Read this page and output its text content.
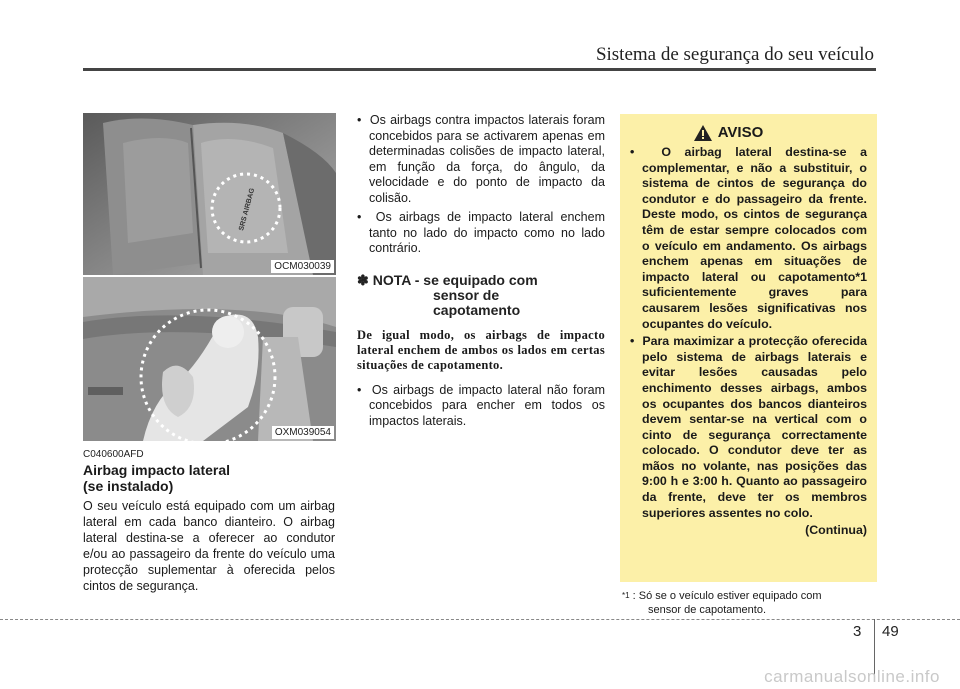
Sistema de segurança do seu veículo
SRS AIRBAG
OCM030039
OXM039054
C040600AFD
Airbag impacto lateral
(se instalado)
O seu veículo está equipado com um airbag lateral em cada banco dianteiro. O airbag lateral destina-se a oferecer ao condutor e/ou ao passageiro da frente do veículo uma protecção suplementar à oferecida pelos cintos de segurança.

•  Os airbags contra impactos laterais foram concebidos para se activarem apenas em determinadas colisões de impacto lateral, em função da força, do ângulo, da velocidade e do ponto de impacto da colisão.

•  Os airbags de impacto lateral enchem tanto no lado do impacto como no lado contrário.

✽ NOTA - se equipado com
sensor de
capotamento
De igual modo, os airbags de impacto lateral enchem de ambos os lados em certas situações de capotamento.

•  Os airbags de impacto lateral não foram concebidos para encher em todos os impactos laterais.

AVISO
•  O airbag lateral destina-se a complementar, e não a substituir, o sistema de cintos de segurança do condutor e do passageiro da frente. Deste modo, os cintos de segurança têm de estar sempre colocados com o veículo em andamento. Os airbags enchem apenas em situações de impacto lateral ou capotamento*1 suficientemente graves para causarem lesões significativas nos ocupantes do veículo.
•  Para maximizar a protecção oferecida pelo sistema de airbags laterais e evitar lesões causadas pelo enchimento desses airbags, ambos os ocupantes dos bancos dianteiros devem sentar-se na vertical com o cinto de segurança correctamente colocado. O condutor deve ter as mãos no volante, nas posições das 9:00 h e 3:00 h. Quanto ao passageiro da frente, deve ter os membros superiores assentes no colo.
(Continua)
$^{*1}$ : Só se o veículo estiver equipado com
sensor de capotamento.
3 49
carmanualsonline.info
